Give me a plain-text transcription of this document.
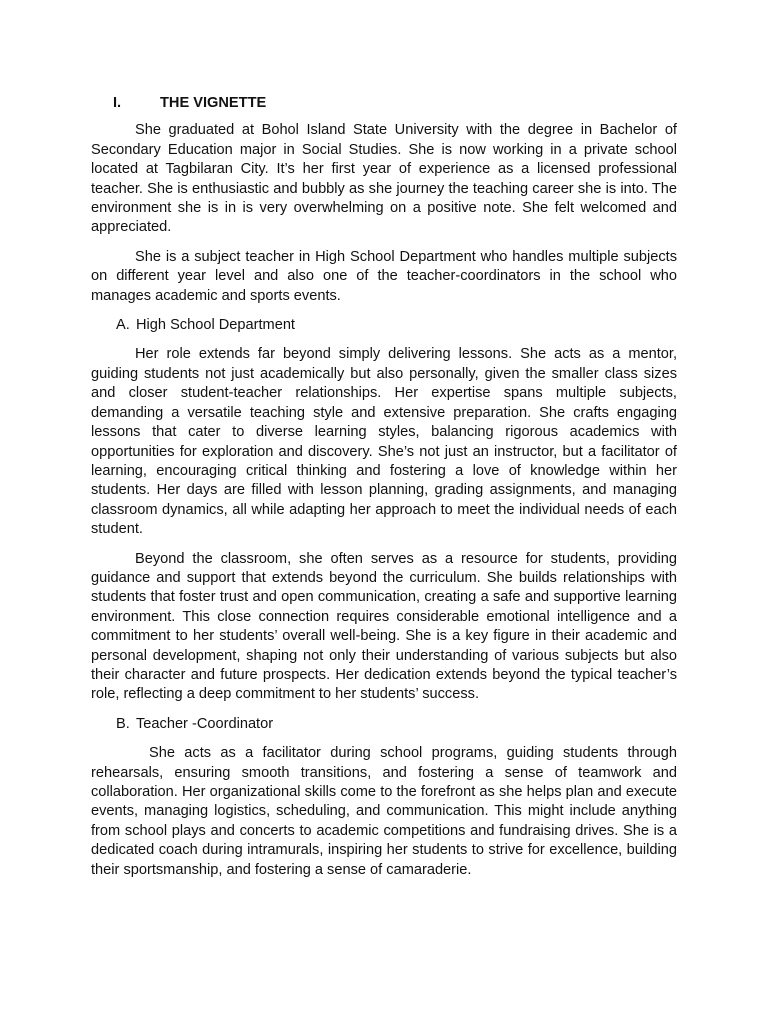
I.	THE VIGNETTE

She graduated at Bohol Island State University with the degree in Bachelor of Secondary Education major in Social Studies. She is now working in a private school located at Tagbilaran City. It’s her first year of experience as a licensed professional teacher. She is enthusiastic and bubbly as she journey the teaching career she is into. The environment she is in is very overwhelming on a positive note. She felt welcomed and appreciated.

She is a subject teacher in High School Department who handles multiple subjects on different year level and also one of the teacher-coordinators in the school who manages academic and sports events.

A. High School Department

Her role extends far beyond simply delivering lessons. She acts as a mentor, guiding students not just academically but also personally, given the smaller class sizes and closer student-teacher relationships. Her expertise spans multiple subjects, demanding a versatile teaching style and extensive preparation. She crafts engaging lessons that cater to diverse learning styles, balancing rigorous academics with opportunities for exploration and discovery. She’s not just an instructor, but a facilitator of learning, encouraging critical thinking and fostering a love of knowledge within her students. Her days are filled with lesson planning, grading assignments, and managing classroom dynamics, all while adapting her approach to meet the individual needs of each student.

Beyond the classroom, she often serves as a resource for students, providing guidance and support that extends beyond the curriculum. She builds relationships with students that foster trust and open communication, creating a safe and supportive learning environment. This close connection requires considerable emotional intelligence and a commitment to her students’ overall well-being. She is a key figure in their academic and personal development, shaping not only their understanding of various subjects but also their character and future prospects. Her dedication extends beyond the typical teacher’s role, reflecting a deep commitment to her students’ success.

B. Teacher -Coordinator

She acts as a facilitator during school programs, guiding students through rehearsals, ensuring smooth transitions, and fostering a sense of teamwork and collaboration. Her organizational skills come to the forefront as she helps plan and execute events, managing logistics, scheduling, and communication. This might include anything from school plays and concerts to academic competitions and fundraising drives. She is a dedicated coach during intramurals, inspiring her students to strive for excellence, building their sportsmanship, and fostering a sense of camaraderie.
